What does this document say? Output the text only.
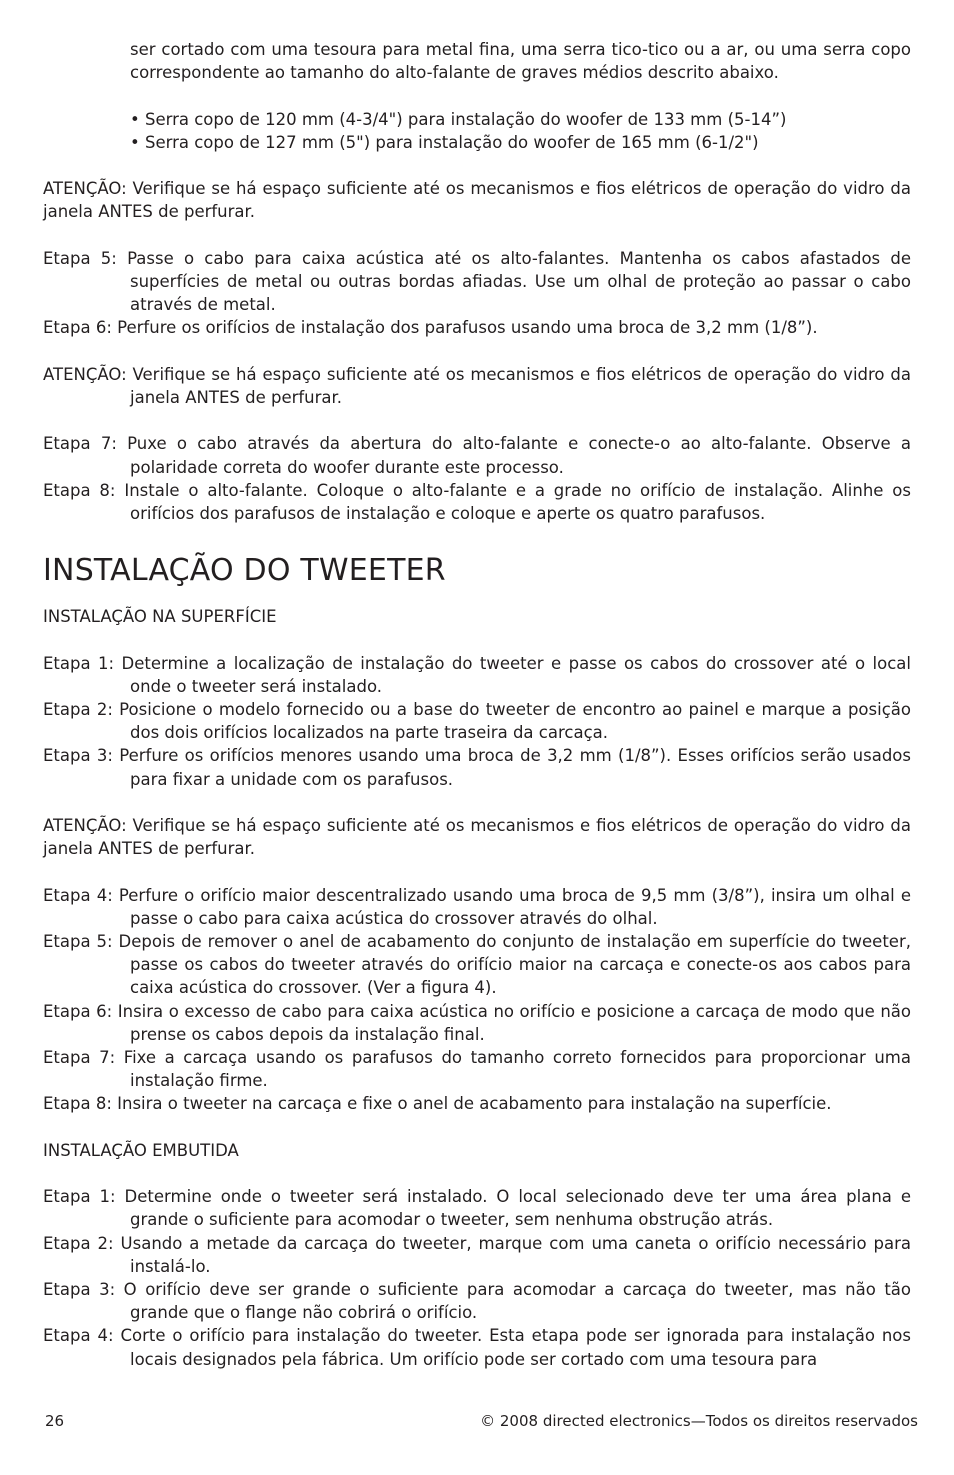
ser cortado com uma tesoura para metal fina, uma serra tico-tico ou a ar, ou uma serra copo correspondente ao tamanho do alto-falante de graves médios descrito abaixo.

• Serra copo de 120 mm (4-3/4") para instalação do woofer de 133 mm (5-14”)

• Serra copo de 127 mm (5") para instalação do woofer de 165 mm (6-1/2")

ATENÇÃO: Verifique se há espaço suficiente até os mecanismos e fios elétricos de operação do vidro da janela ANTES de perfurar.

Etapa 5: Passe o cabo para caixa acústica até os alto-falantes. Mantenha os cabos afastados de superfícies de metal ou outras bordas afiadas. Use um olhal de proteção ao passar o cabo através de metal.

Etapa 6: Perfure os orifícios de instalação dos parafusos usando uma broca de 3,2 mm (1/8”).

ATENÇÃO: Verifique se há espaço suficiente até os mecanismos e fios elétricos de operação do vidro da janela ANTES de perfurar.

Etapa 7: Puxe o cabo através da abertura do alto-falante e conecte-o ao alto-falante. Observe a polaridade correta do woofer durante este processo.

Etapa 8: Instale o alto-falante. Coloque o alto-falante e a grade no orifício de instalação. Alinhe os orifícios dos parafusos de instalação e coloque e aperte os quatro parafusos.

INSTALAÇÃO DO TWEETER

INSTALAÇÃO NA SUPERFÍCIE

Etapa 1: Determine a localização de instalação do tweeter e passe os cabos do crossover até o local onde o tweeter será instalado.

Etapa 2: Posicione o modelo fornecido ou a base do tweeter de encontro ao painel e marque a posição dos dois orifícios localizados na parte traseira da carcaça.

Etapa 3: Perfure os orifícios menores usando uma broca de 3,2 mm (1/8”). Esses orifícios serão usados para fixar a unidade com os parafusos.

ATENÇÃO: Verifique se há espaço suficiente até os mecanismos e fios elétricos de operação do vidro da janela ANTES de perfurar.

Etapa 4: Perfure o orifício maior descentralizado usando uma broca de 9,5 mm (3/8”), insira um olhal e passe o cabo para caixa acústica do crossover através do olhal.

Etapa 5: Depois de remover o anel de acabamento do conjunto de instalação em superfície do tweeter, passe os cabos do tweeter através do orifício maior na carcaça e conecte-os aos cabos para caixa acústica do crossover. (Ver a figura 4).

Etapa 6: Insira o excesso de cabo para caixa acústica no orifício e posicione a carcaça de modo que não prense os cabos depois da instalação final.

Etapa 7: Fixe a carcaça usando os parafusos do tamanho correto fornecidos para proporcionar uma instalação firme.

Etapa 8: Insira o tweeter na carcaça e fixe o anel de acabamento para instalação na superfície.

INSTALAÇÃO EMBUTIDA

Etapa 1: Determine onde o tweeter será instalado. O local selecionado deve ter uma área plana e grande o suficiente para acomodar o tweeter, sem nenhuma obstrução atrás.

Etapa 2: Usando a metade da carcaça do tweeter, marque com uma caneta o orifício necessário para instalá-lo.

Etapa 3: O orifício deve ser grande o suficiente para acomodar a carcaça do tweeter, mas não tão grande que o flange não cobrirá o orifício.

Etapa 4: Corte o orifício para instalação do tweeter. Esta etapa pode ser ignorada para instalação nos locais designados pela fábrica. Um orifício pode ser cortado com uma tesoura para

26	© 2008 directed electronics—Todos os direitos reservados
